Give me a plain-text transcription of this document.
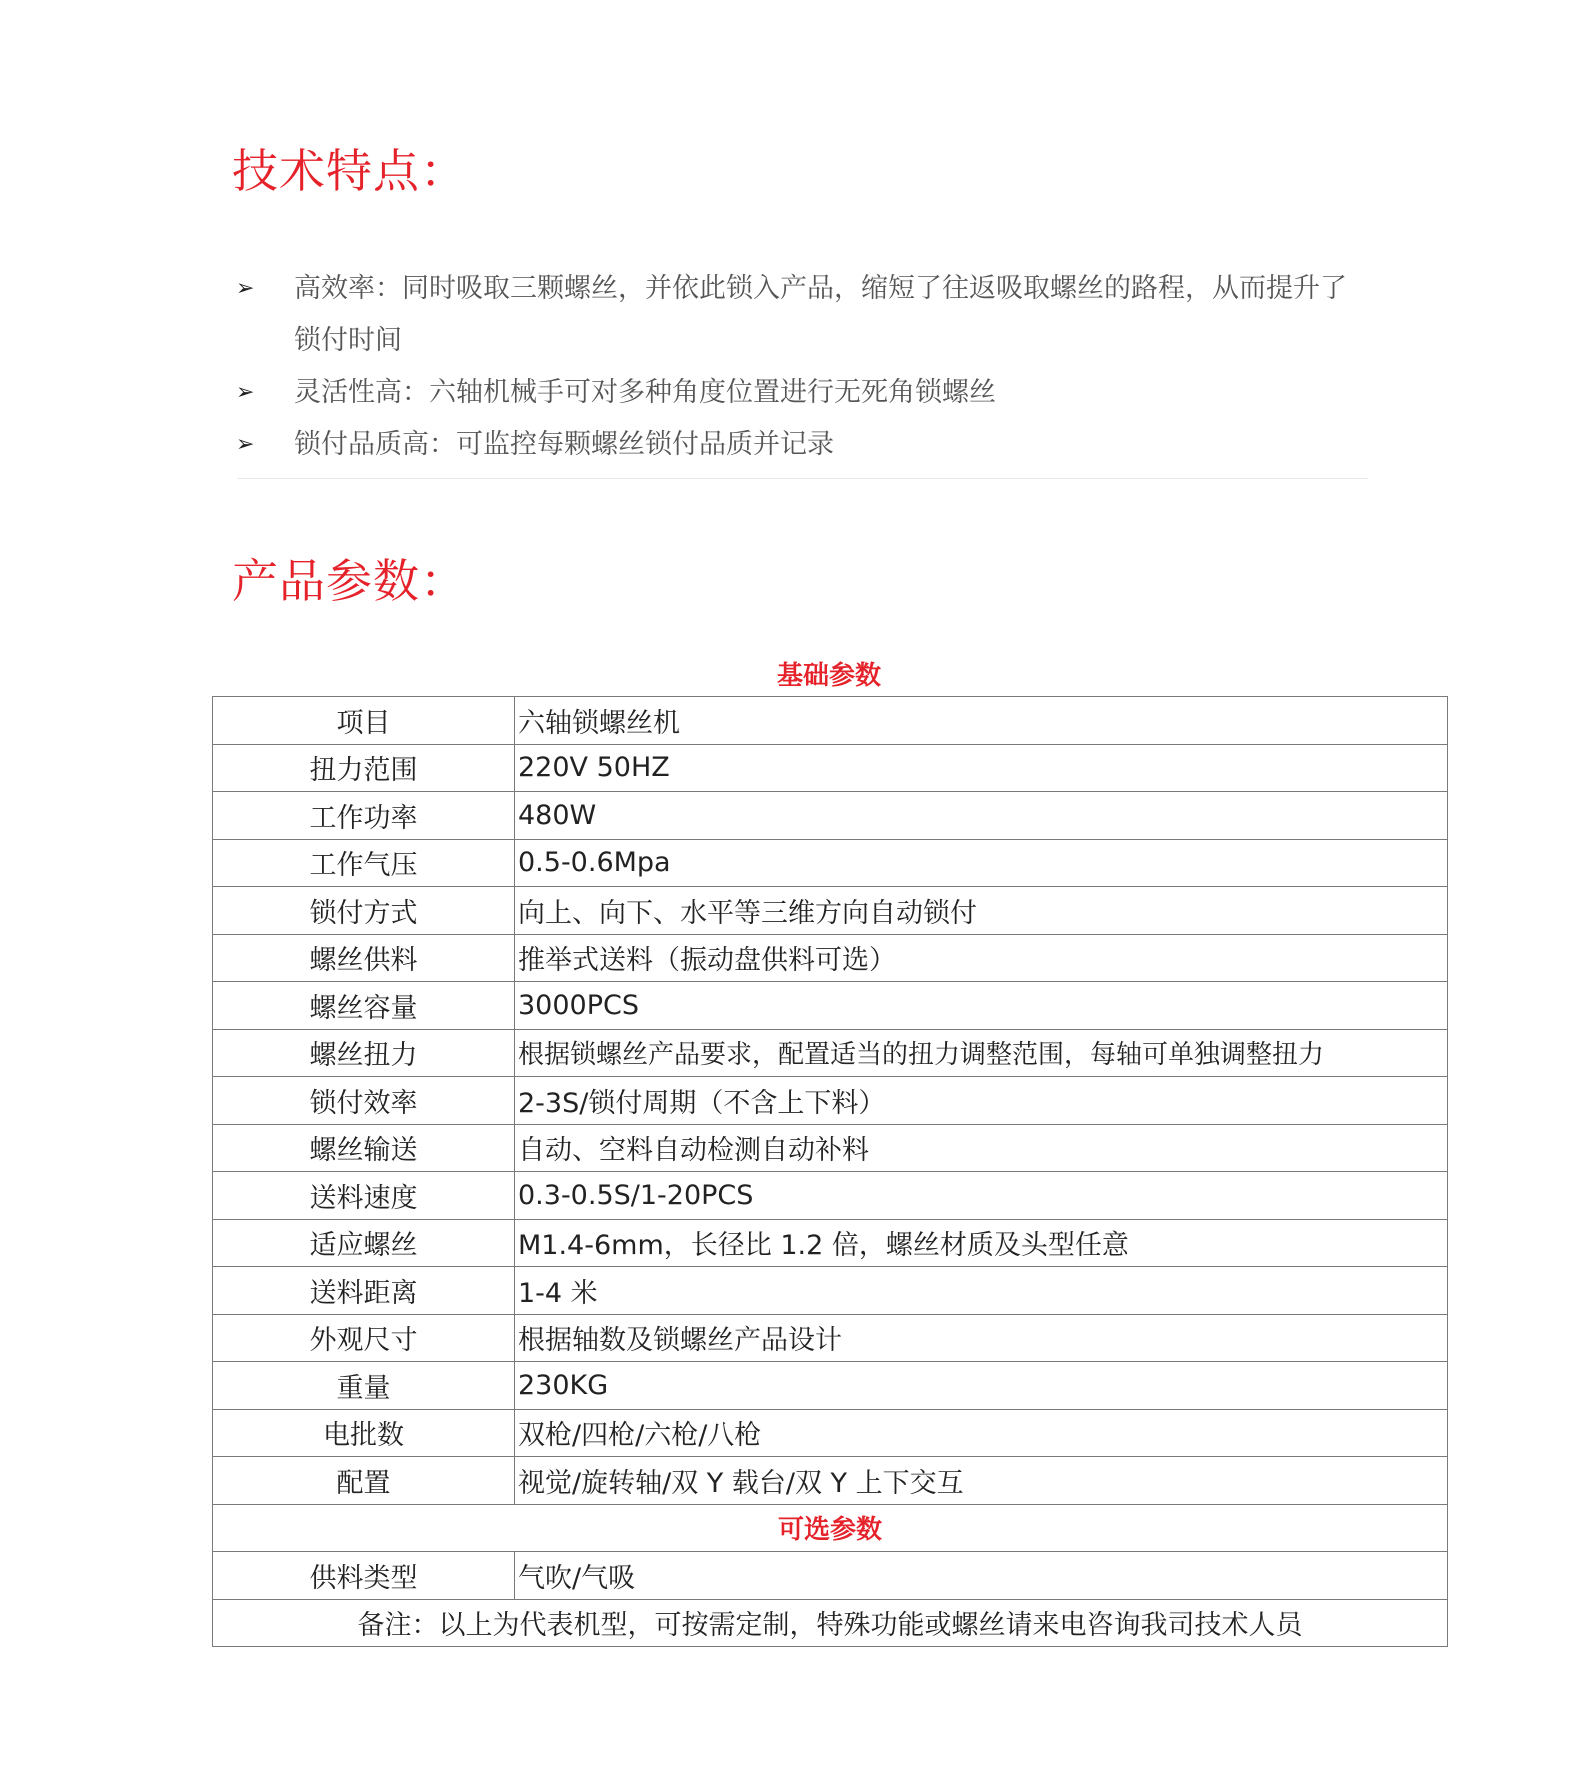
技术特点：
➢ 高效率：同时吸取三颗螺丝，并依此锁入产品，缩短了往返吸取螺丝的路程，从而提升了锁付时间
➢ 灵活性高：六轴机械手可对多种角度位置进行无死角锁螺丝
➢ 锁付品质高：可监控每颗螺丝锁付品质并记录
产品参数：
基础参数
项目	六轴锁螺丝机
扭力范围	220V 50HZ
工作功率	480W
工作气压	0.5-0.6Mpa
锁付方式	向上、向下、水平等三维方向自动锁付
螺丝供料	推举式送料（振动盘供料可选）
螺丝容量	3000PCS
螺丝扭力	根据锁螺丝产品要求，配置适当的扭力调整范围，每轴可单独调整扭力
锁付效率	2-3S/锁付周期（不含上下料）
螺丝输送	自动、空料自动检测自动补料
送料速度	0.3-0.5S/1-20PCS
适应螺丝	M1.4-6mm，长径比 1.2 倍，螺丝材质及头型任意
送料距离	1-4 米
外观尺寸	根据轴数及锁螺丝产品设计
重量	230KG
电批数	双枪/四枪/六枪/八枪
配置	视觉/旋转轴/双 Y 载台/双 Y 上下交互
可选参数	
供料类型	气吹/气吸
备注：以上为代表机型，可按需定制，特殊功能或螺丝请来电咨询我司技术人员	
